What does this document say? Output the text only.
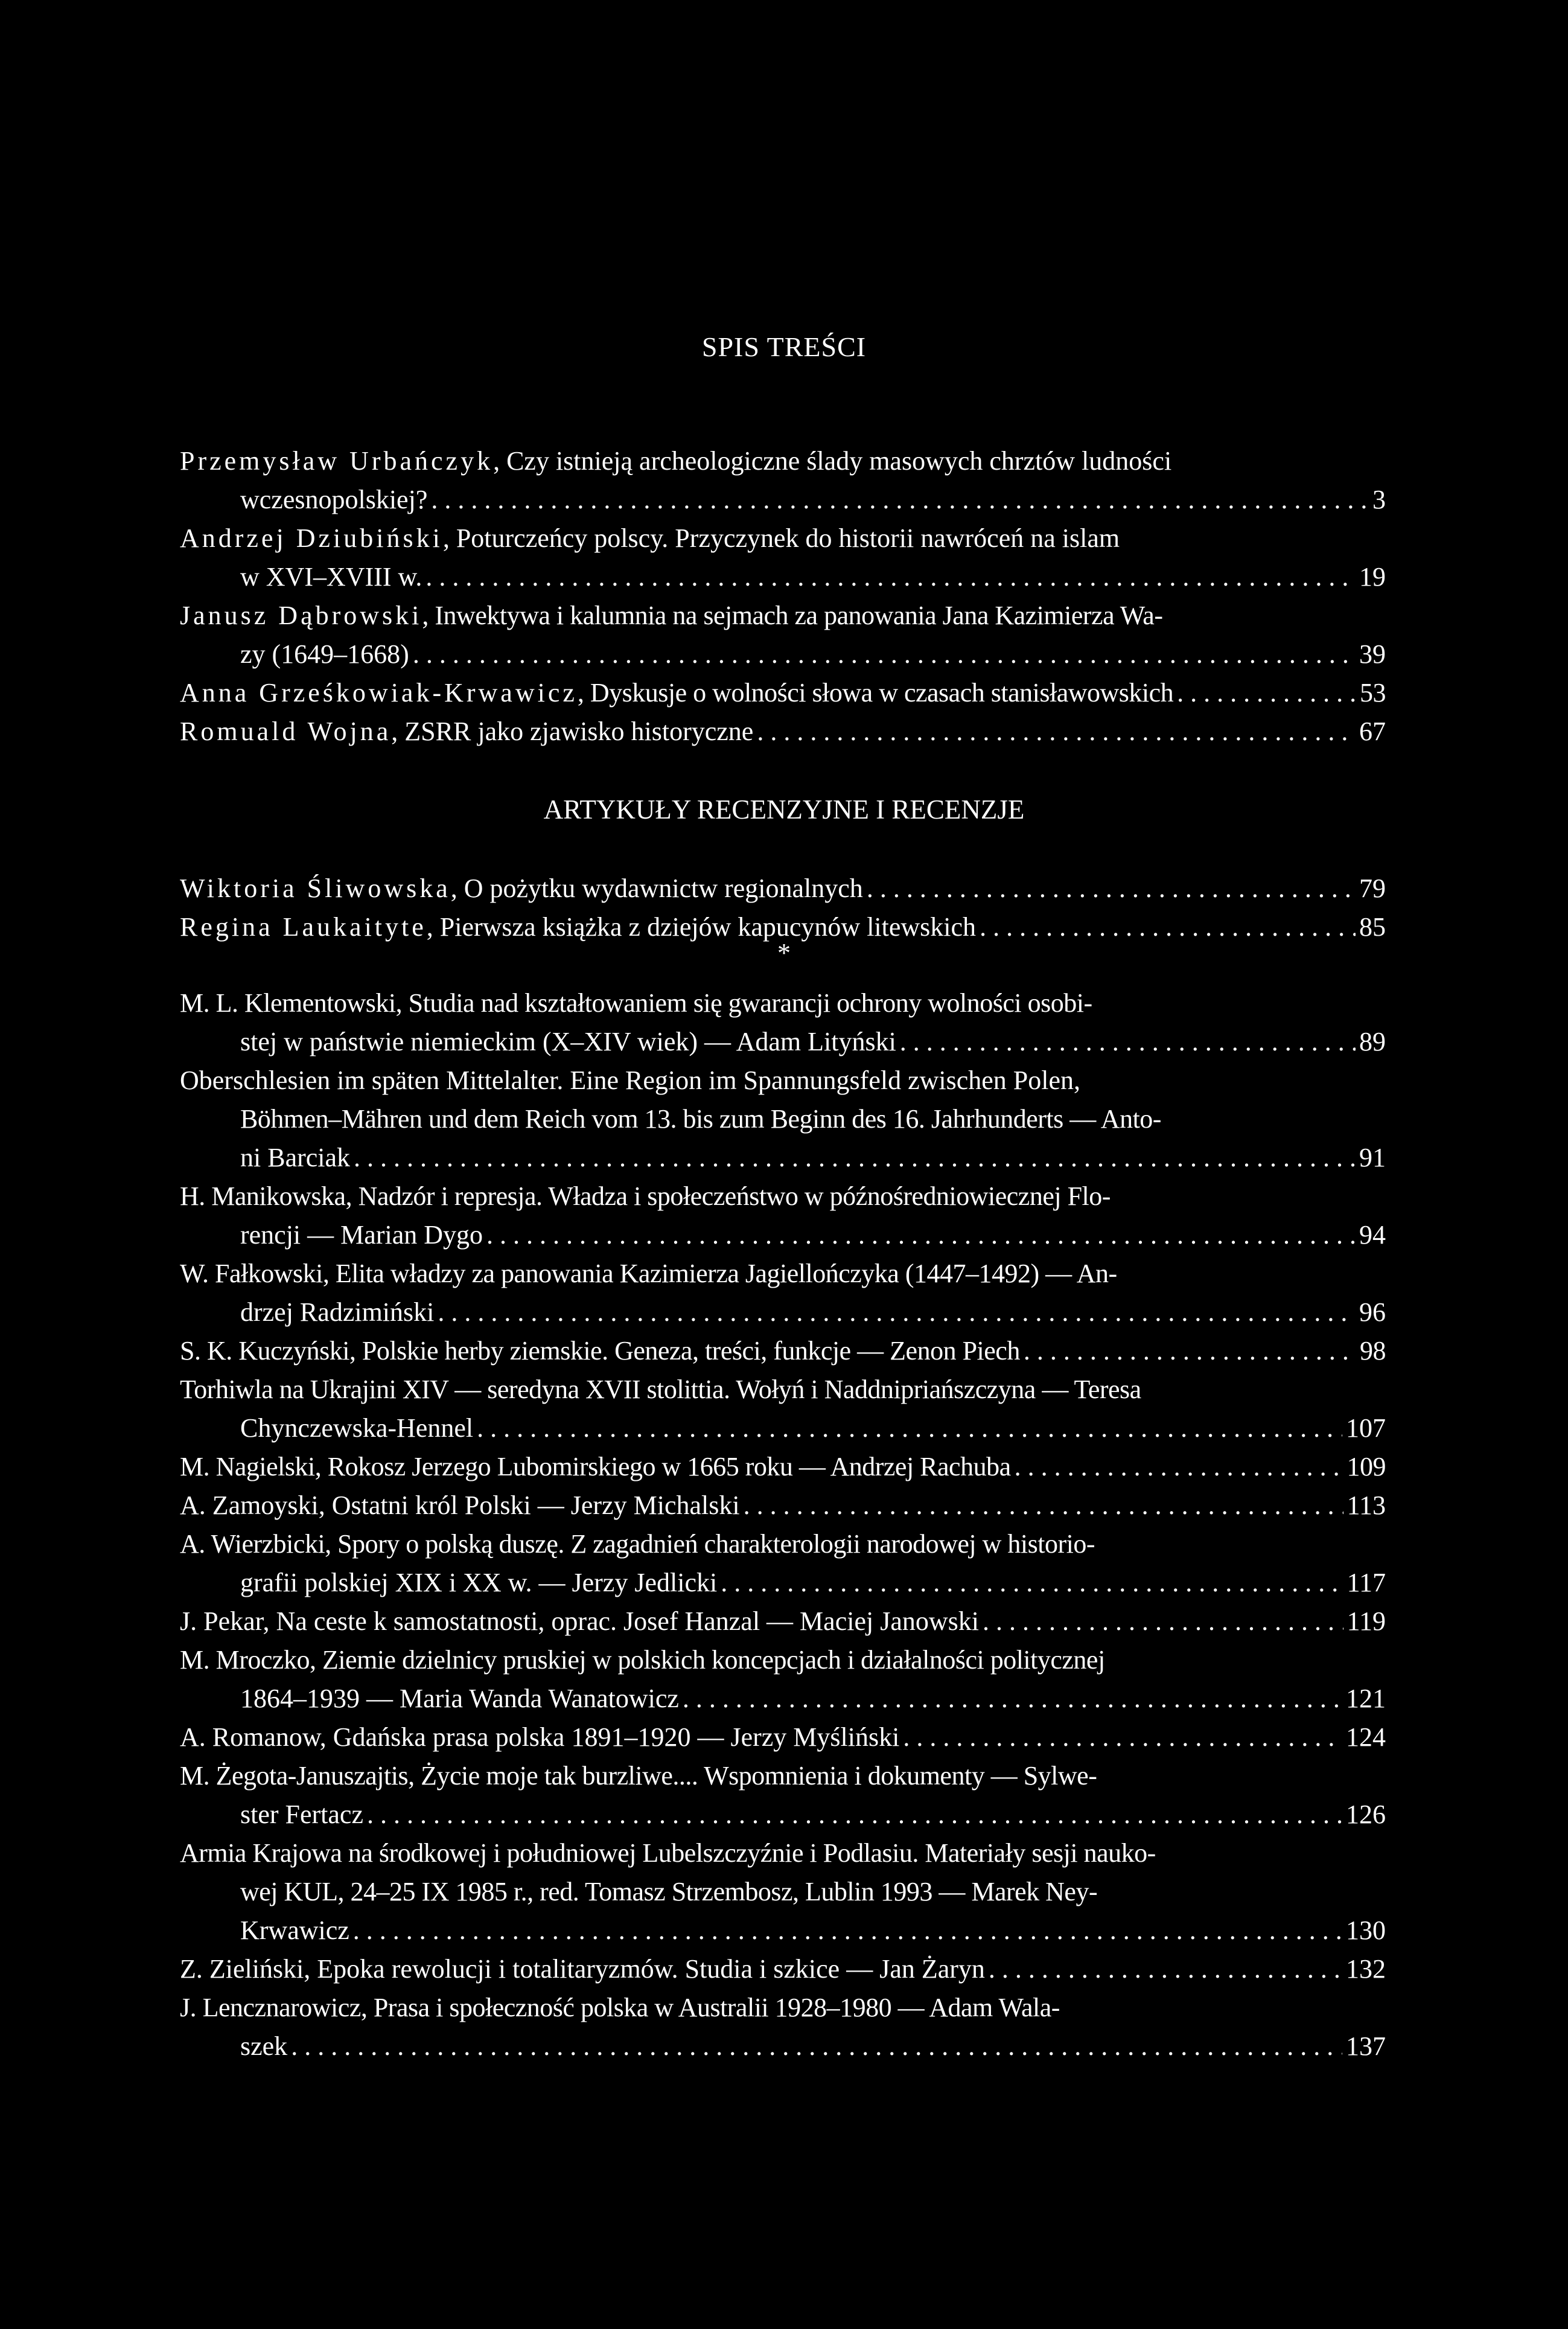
SPIS TREŚCI
Przemysław Urbańczyk, Czy istnieją archeologiczne ślady masowych chrztów ludności
wczesnopolskiej? . . .	3
Andrzej Dziubiński, Poturczeńcy polscy. Przyczynek do historii nawróceń na islam
w XVI–XVIII w. . . .	19
Janusz Dąbrowski, Inwektywa i kalumnia na sejmach za panowania Jana Kazimierza Wa-
zy (1649–1668) . . .	39
Anna Grześkowiak-Krwawicz, Dyskusje o wolności słowa w czasach stanisławowskich . . .	53
Romuald Wojna, ZSRR jako zjawisko historyczne . . .	67
ARTYKUŁY RECENZYJNE I RECENZJE
Wiktoria Śliwowska, O pożytku wydawnictw regionalnych . . .	79
Regina Laukaityte, Pierwsza książka z dziejów kapucynów litewskich . . .	85
*
M. L. Klementowski, Studia nad kształtowaniem się gwarancji ochrony wolności osobi-
stej w państwie niemieckim (X–XIV wiek) — Adam Lityński . . .	89
Oberschlesien im späten Mittelalter. Eine Region im Spannungsfeld zwischen Polen,
Böhmen–Mähren und dem Reich vom 13. bis zum Beginn des 16. Jahrhunderts — Anto-
ni Barciak . . .	91
H. Manikowska, Nadzór i represja. Władza i społeczeństwo w późnośredniowiecznej Flo-
rencji — Marian Dygo . . .	94
W. Fałkowski, Elita władzy za panowania Kazimierza Jagiellończyka (1447–1492) — An-
drzej Radzimiński . . .	96
S. K. Kuczyński, Polskie herby ziemskie. Geneza, treści, funkcje — Zenon Piech . . .	98
Torhiwla na Ukrajini XIV — seredyna XVII stolittia. Wołyń i Naddnipriańszczyna — Teresa
Chynczewska-Hennel . . .	107
M. Nagielski, Rokosz Jerzego Lubomirskiego w 1665 roku — Andrzej Rachuba . . .	109
A. Zamoyski, Ostatni król Polski — Jerzy Michalski . . .	113
A. Wierzbicki, Spory o polską duszę. Z zagadnień charakterologii narodowej w historio-
grafii polskiej XIX i XX w. — Jerzy Jedlicki . . .	117
J. Pekar, Na ceste k samostatnosti, oprac. Josef Hanzal — Maciej Janowski . . .	119
M. Mroczko, Ziemie dzielnicy pruskiej w polskich koncepcjach i działalności politycznej
1864–1939 — Maria Wanda Wanatowicz . . .	121
A. Romanow, Gdańska prasa polska 1891–1920 — Jerzy Myśliński . . .	124
M. Żegota-Januszajtis, Życie moje tak burzliwe.... Wspomnienia i dokumenty — Sylwe-
ster Fertacz . . .	126
Armia Krajowa na środkowej i południowej Lubelszczyźnie i Podlasiu. Materiały sesji nauko-
wej KUL, 24–25 IX 1985 r., red. Tomasz Strzembosz, Lublin 1993 — Marek Ney-
Krwawicz . . .	130
Z. Zieliński, Epoka rewolucji i totalitaryzmów. Studia i szkice — Jan Żaryn . . .	132
J. Lencznarowicz, Prasa i społeczność polska w Australii 1928–1980 — Adam Wala-
szek . . .	137
